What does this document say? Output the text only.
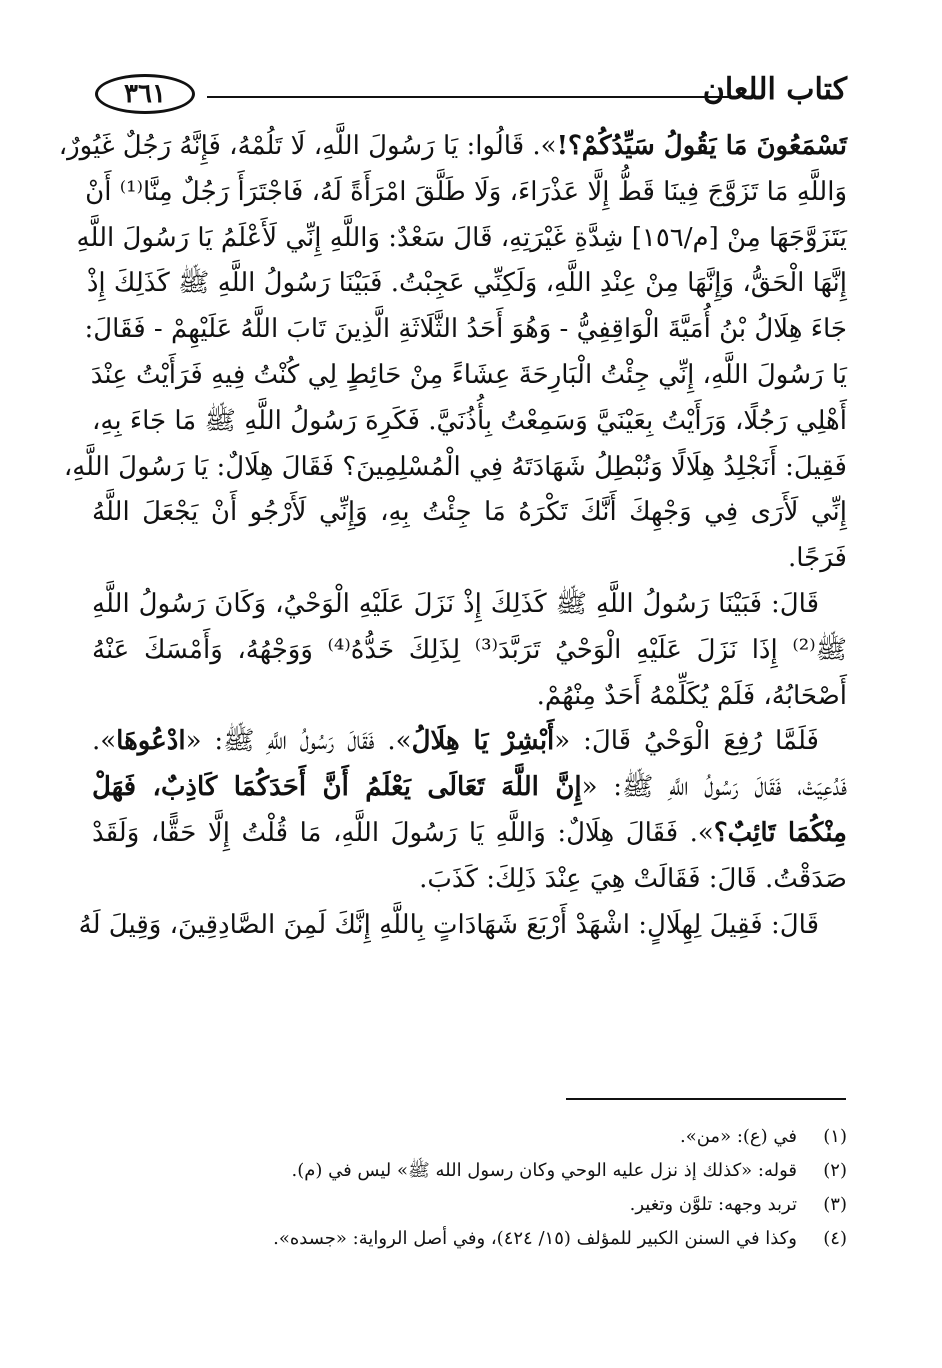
كتاب اللعان
٣٦١
تَسْمَعُونَ مَا يَقُولُ سَيِّدُكُمْ؟!». قَالُوا: يَا رَسُولَ اللَّهِ، لَا تَلُمْهُ، فَإِنَّهُ رَجُلٌ غَيُورٌ،
وَاللَّهِ مَا تَزَوَّجَ فِينَا قَطُّ إِلَّا عَذْرَاءَ، وَلَا طَلَّقَ امْرَأَةً لَهُ، فَاجْتَرَأَ رَجُلٌ مِنَّا⁽¹⁾ أَنْ
يَتَزَوَّجَهَا مِنْ [م/١٥٦] شِدَّةِ غَيْرَتِهِ، قَالَ سَعْدٌ: وَاللَّهِ إِنِّي لَأَعْلَمُ يَا رَسُولَ اللَّهِ
إِنَّهَا الْحَقُّ، وَإِنَّهَا مِنْ عِنْدِ اللَّهِ، وَلَكِنِّي عَجِبْتُ. فَبَيْنَا رَسُولُ اللَّهِ ﷺ كَذَلِكَ إِذْ
جَاءَ هِلَالُ بْنُ أُمَيَّةَ الْوَاقِفِيُّ - وَهُوَ أَحَدُ الثَّلَاثَةِ الَّذِينَ تَابَ اللَّهُ عَلَيْهِمْ - فَقَالَ:
يَا رَسُولَ اللَّهِ، إِنِّي جِئْتُ الْبَارِحَةَ عِشَاءً مِنْ حَائِطٍ لِي كُنْتُ فِيهِ فَرَأَيْتُ عِنْدَ
أَهْلِي رَجُلًا، وَرَأَيْتُ بِعَيْنَيَّ وَسَمِعْتُ بِأُذُنَيَّ. فَكَرِهَ رَسُولُ اللَّهِ ﷺ مَا جَاءَ بِهِ،
فَقِيلَ: أَنَجْلِدُ هِلَالًا وَنُبْطِلُ شَهَادَتَهُ فِي الْمُسْلِمِينَ؟ فَقَالَ هِلَالٌ: يَا رَسُولَ اللَّهِ،
إِنِّي لَأَرَى فِي وَجْهِكَ أَنَّكَ تَكْرَهُ مَا جِئْتُ بِهِ، وَإِنِّي لَأَرْجُو أَنْ يَجْعَلَ اللَّهُ
فَرَجًا.
قَالَ: فَبَيْنَا رَسُولُ اللَّهِ ﷺ كَذَلِكَ إِذْ نَزَلَ عَلَيْهِ الْوَحْيُ، وَكَانَ رَسُولُ اللَّهِ
ﷺ⁽²⁾ إِذَا نَزَلَ عَلَيْهِ الْوَحْيُ تَرَبَّدَ⁽³⁾ لِذَلِكَ خَدُّهُ⁽⁴⁾ وَوَجْهُهُ، وَأَمْسَكَ عَنْهُ
أَصْحَابُهُ، فَلَمْ يُكَلِّمْهُ أَحَدٌ مِنْهُمْ.
فَلَمَّا رُفِعَ الْوَحْيُ قَالَ: «أَبْشِرْ يَا هِلَالُ». فَقَالَ رَسُولُ اللَّهِ ﷺ: «ادْعُوهَا».
فَدُعِيَتْ، فَقَالَ رَسُولُ اللَّهِ ﷺ: «إِنَّ اللَّهَ تَعَالَى يَعْلَمُ أَنَّ أَحَدَكُمَا كَاذِبٌ، فَهَلْ
مِنْكُمَا تَائِبٌ؟». فَقَالَ هِلَالٌ: وَاللَّهِ يَا رَسُولَ اللَّهِ، مَا قُلْتُ إِلَّا حَقًّا، وَلَقَدْ
صَدَقْتُ. قَالَ: فَقَالَتْ هِيَ عِنْدَ ذَلِكَ: كَذَبَ.
قَالَ: فَقِيلَ لِهِلَالٍ: اشْهَدْ أَرْبَعَ شَهَادَاتٍ بِاللَّهِ إِنَّكَ لَمِنَ الصَّادِقِينَ، وَقِيلَ لَهُ
(١)
في (ع): «من».
(٢)
قوله: «كذلك إذ نزل عليه الوحي وكان رسول الله ﷺ» ليس في (م).
(٣)
تربد وجهه: تلوَّن وتغير.
(٤)
وكذا في السنن الكبير للمؤلف (١٥/ ٤٢٤)، وفي أصل الرواية: «جسده».
